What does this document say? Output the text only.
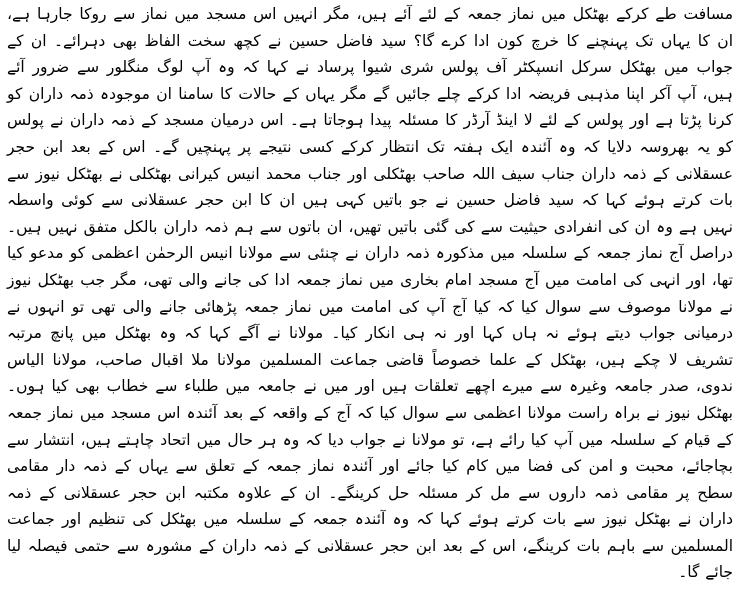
مسافت طے کرکے بھٹکل میں نماز جمعہ کے لئے آئے ہیں، مگر انہیں اس مسجد میں نماز سے روکا جارہا ہے، ان کا یہاں تک پہنچنے کا خرچ کون ادا کرے گا؟ سید فاضل حسین نے کچھ سخت الفاظ بھی دہرائے۔ ان کے جواب میں بھٹکل سرکل انسپکٹر آف پولس شری شیوا پرساد نے کہا کہ وہ آپ لوگ منگلور سے ضرور آئے ہیں، آپ آکر اپنا مذہبی فریضہ ادا کرکے چلے جائیں گے مگر یہاں کے حالات کا سامنا ان موجودہ ذمہ داران کو کرنا پڑتا ہے اور پولس کے لئے لا اینڈ آرڈر کا مسئلہ پیدا ہوجاتا ہے۔ اس درمیان مسجد کے ذمہ داران نے پولس کو یہ بھروسہ دلایا کہ وہ آئندہ ایک ہفتہ تک انتظار کرکے کسی نتیجے پر پہنچیں گے۔ اس کے بعد ابن حجر عسقلانی کے ذمہ داران جناب سیف اللہ صاحب بھٹکلی اور جناب محمد انیس کیرانی بھٹکلی نے بھٹکل نیوز سے بات کرتے ہوئے کہا کہ سید فاضل حسین نے جو باتیں کہی ہیں ان کا ابن حجر عسقلانی سے کوئی واسطہ نہیں ہے وہ ان کی انفرادی حیثیت سے کی گئی باتیں تھیں، ان باتوں سے ہم ذمہ داران بالکل متفق نہیں ہیں۔ دراصل آج نماز جمعہ کے سلسلہ میں مذکورہ ذمہ داران نے چنئی سے مولانا انیس الرحمٰن اعظمی کو مدعو کیا تھا، اور انہی کی امامت میں آج مسجد امام بخاری میں نماز جمعہ ادا کی جانے والی تھی، مگر جب بھٹکل نیوز نے مولانا موصوف سے سوال کیا کہ کیا آج آپ کی امامت میں نماز جمعہ پڑھائی جانے والی تھی تو انہوں نے درمیانی جواب دیتے ہوئے نہ ہاں کہا اور نہ ہی انکار کیا۔ مولانا نے آگے کہا کہ وہ بھٹکل میں پانچ مرتبہ تشریف لا چکے ہیں، بھٹکل کے علما خصوصاً قاضی جماعت المسلمین مولانا ملا اقبال صاحب، مولانا الیاس ندوی، صدر جامعہ وغیرہ سے میرے اچھے تعلقات ہیں اور میں نے جامعہ میں طلباء سے خطاب بھی کیا ہوں۔ بھٹکل نیوز نے براہ راست مولانا اعظمی سے سوال کیا کہ آج کے واقعہ کے بعد آئندہ اس مسجد میں نماز جمعہ کے قیام کے سلسلہ میں آپ کیا رائے ہے، تو مولانا نے جواب دیا کہ وہ ہر حال میں اتحاد چاہتے ہیں، انتشار سے بچاجائے، محبت و امن کی فضا میں کام کیا جائے اور آئندہ نماز جمعہ کے تعلق سے یہاں کے ذمہ دار مقامی سطح پر مقامی ذمہ داروں سے مل کر مسئلہ حل کرینگے۔ ان کے علاوہ مکتبہ ابن حجر عسقلانی کے ذمہ داران نے بھٹکل نیوز سے بات کرتے ہوئے کہا کہ وہ آئندہ جمعہ کے سلسلہ میں بھٹکل کی تنظیم اور جماعت المسلمین سے باہم بات کرینگے، اس کے بعد ابن حجر عسقلانی کے ذمہ داران کے مشورہ سے حتمی فیصلہ لیا جائے گا۔
